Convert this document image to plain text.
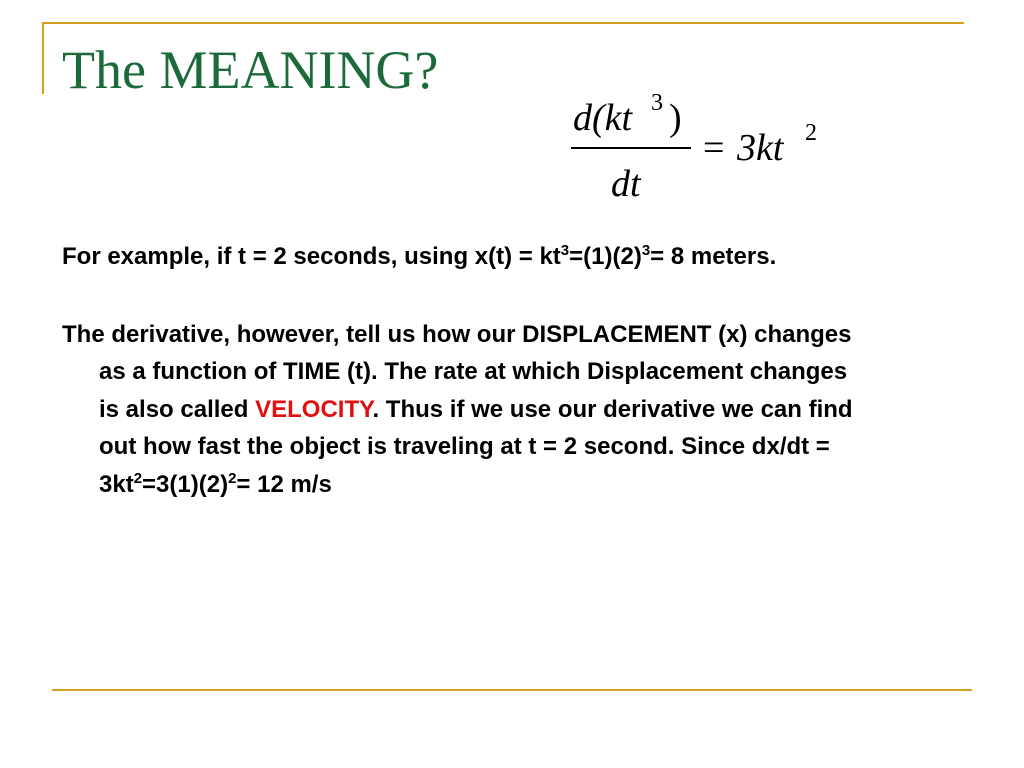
The MEANING?
d(kt 3 )
dt
= 3kt 2

For example, if t = 2 seconds, using $x(t) = kt^3=(1)(2)^3= 8$ meters.

The derivative, however, tell us how our DISPLACEMENT (x) changes as a function of TIME (t). The rate at which Displacement changes is also called VELOCITY. Thus if we use our derivative we can find out how fast the object is traveling at t = 2 second. Since $dx/dt = 3kt^2=3(1)(2)^2= 12$ m/s
